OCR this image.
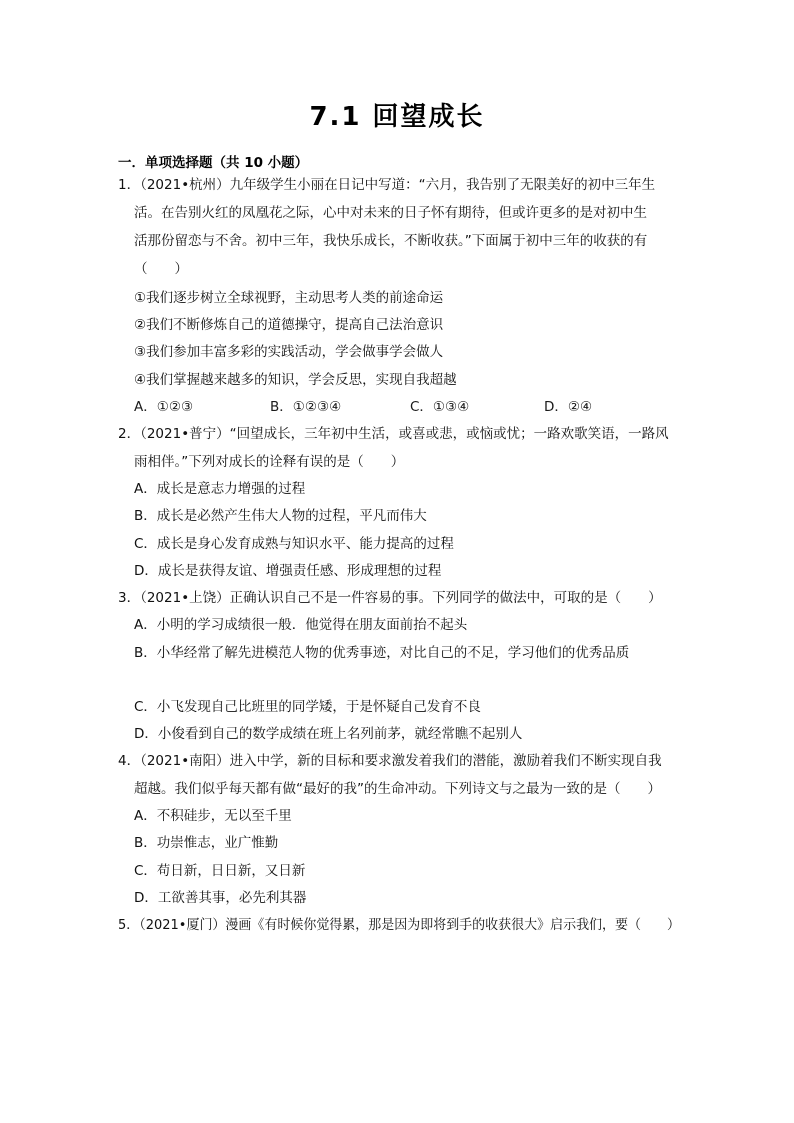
7.1 回望成长
一．单项选择题（共 10 小题）
1．（2021•杭州）九年级学生小丽在日记中写道：“六月，我告别了无限美好的初中三年生
活。在告别火红的凤凰花之际，心中对未来的日子怀有期待，但或许更多的是对初中生
活那份留恋与不舍。初中三年，我快乐成长，不断收获。”下面属于初中三年的收获的有
（　　）
①我们逐步树立全球视野，主动思考人类的前途命运
②我们不断修炼自己的道德操守，提高自己法治意识
③我们参加丰富多彩的实践活动，学会做事学会做人
④我们掌握越来越多的知识，学会反思，实现自我超越
A．①②③	B．①②③④	C．①③④	D．②④
2．（2021•普宁）“回望成长，三年初中生活，或喜或悲，或恼或忧；一路欢歌笑语，一路风
雨相伴。”下列对成长的诠释有误的是（　　）
A．成长是意志力增强的过程
B．成长是必然产生伟大人物的过程，平凡而伟大
C．成长是身心发育成熟与知识水平、能力提高的过程
D．成长是获得友谊、增强责任感、形成理想的过程
3．（2021•上饶）正确认识自己不是一件容易的事。下列同学的做法中，可取的是（　　）
A．小明的学习成绩很一般．他觉得在朋友面前抬不起头
B．小华经常了解先进模范人物的优秀事迹，对比自己的不足，学习他们的优秀品质
C．小飞发现自己比班里的同学矮，于是怀疑自己发育不良
D．小俊看到自己的数学成绩在班上名列前茅，就经常瞧不起别人
4．（2021•南阳）进入中学，新的目标和要求激发着我们的潜能，激励着我们不断实现自我
超越。我们似乎每天都有做“最好的我”的生命冲动。下列诗文与之最为一致的是（　　）
A．不积硅步，无以至千里
B．功崇惟志，业广惟勤
C．苟日新，日日新，又日新
D．工欲善其事，必先利其器
5．（2021•厦门）漫画《有时候你觉得累，那是因为即将到手的收获很大》启示我们，要（　　）
